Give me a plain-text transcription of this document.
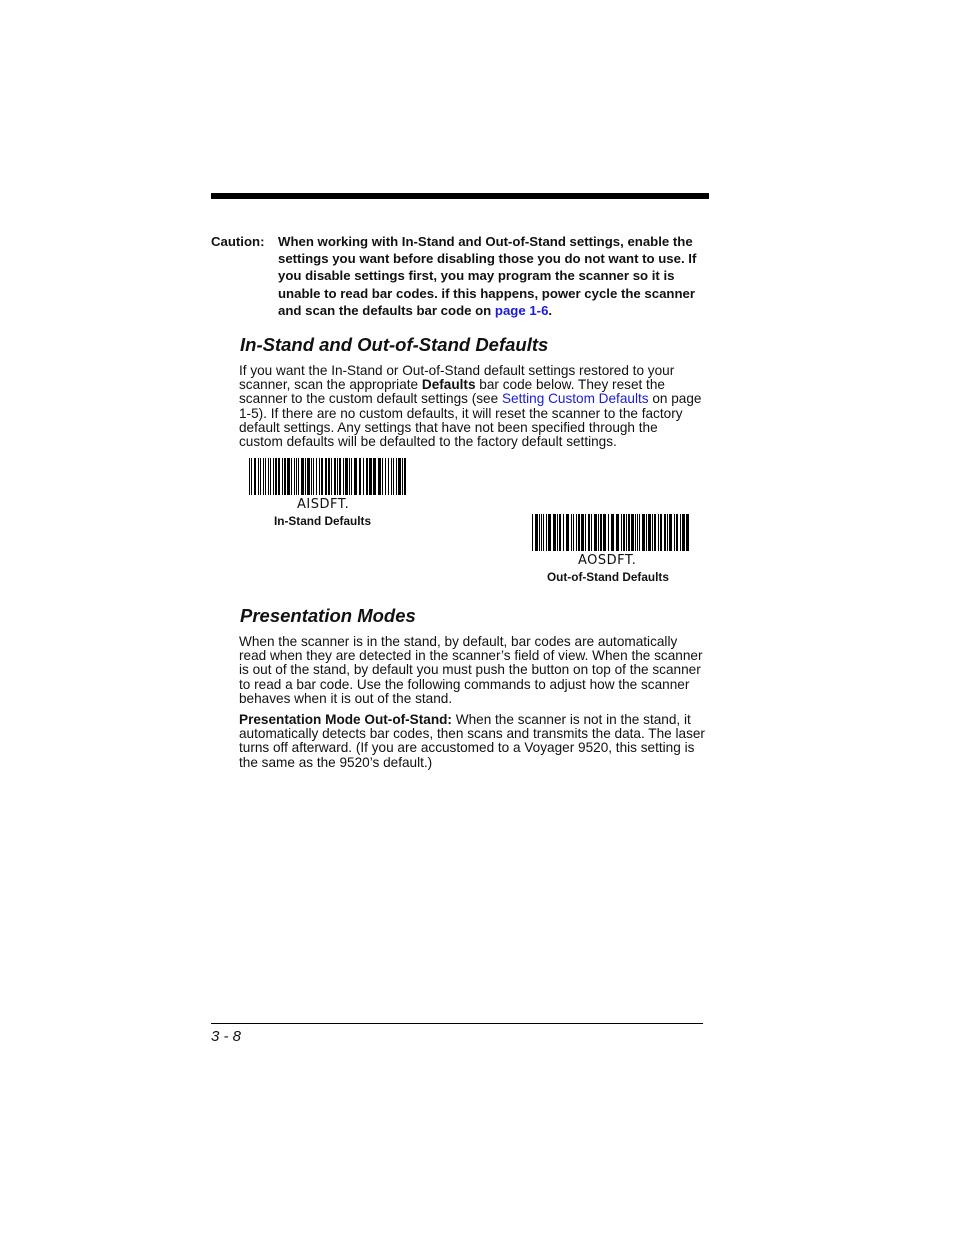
Caution: When working with In-Stand and Out-of-Stand settings, enable the settings you want before disabling those you do not want to use. If you disable settings first, you may program the scanner so it is unable to read bar codes. if this happens, power cycle the scanner and scan the defaults bar code on page 1-6.
In-Stand and Out-of-Stand Defaults
If you want the In-Stand or Out-of-Stand default settings restored to your scanner, scan the appropriate Defaults bar code below. They reset the scanner to the custom default settings (see Setting Custom Defaults on page 1-5). If there are no custom defaults, it will reset the scanner to the factory default settings. Any settings that have not been specified through the custom defaults will be defaulted to the factory default settings.
AISDFT.
In-Stand Defaults
AOSDFT.
Out-of-Stand Defaults
Presentation Modes
When the scanner is in the stand, by default, bar codes are automatically read when they are detected in the scanner’s field of view. When the scanner is out of the stand, by default you must push the button on top of the scanner to read a bar code. Use the following commands to adjust how the scanner behaves when it is out of the stand.
Presentation Mode Out-of-Stand: When the scanner is not in the stand, it automatically detects bar codes, then scans and transmits the data. The laser turns off afterward. (If you are accustomed to a Voyager 9520, this setting is the same as the 9520’s default.)
3 - 8
